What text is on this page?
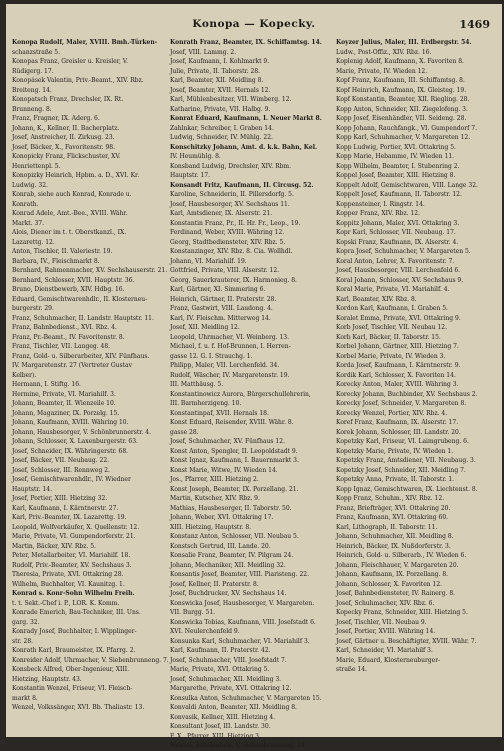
Konopa — Kopecky.	1469
Konopa Rudolf, Maler, XVIII. Bmh.-Türken-
schanzstraße 5.
Konopas Franz, Greisler u. Kreisler, V.
Rüdigerg. 17.
Konopásek Valentin, Priv.-Beamt., XIV. Rbz.
Breiteng. 14.
Konopatsch Franz, Drechsler, IX. Rt.
Brunneng. 8.
Franz, Fragner, IX. Aderg. 6.
Johann, K., Kellner, II. Bacherplatz.
Josef, Anstreicher, II. Zirkusg. 23.
Josef, Bäcker, X., Favoritenstr. 98.
Konopicky Franz, Flickschuster, XV.
Henriettenpl. 5.
Konopizky Heinrich, Hpbm. a. D., XVI. Kr.
Ludwig. 32.
Konrab, siehe auch Konrad, Konrade u.
Konrath.
Konrad Adele, Amt.-Bee., XVIII. Währ.
Markt. 37.
Alois, Diener im t. t. Oberstkanzl., IX.
Lazarettg. 12.
Anton, Tischler, II. Valeriestr. 19.
Barbara, IV., Fleischmarkt 8.
Bernhard, Rahmenmacher, XV. Sechshauserstr. 21.
Bernhard, Schlosser, XVII. Hauptstr. 36.
Bruno, Dienstbewerb, XIV. Hdbg. 16.
Eduard, Gemischtwarenhdlr., II. Klosterneu-
burgerstr. 29.
Franz, Schuhmacher, II. Landstr. Hauptstr. 11.
Franz, Bahnbedienst., XVI. Rbz. 4.
Franz, Pr.-Beamt., IV. Favoritenstr. 8.
Franz, Tischler, VII. Langeg. 48.
Franz, Gold- u. Silberarbeiter, XIV. Fünfhaus.
IV. Margaretenstr. 27 (Vertreter Gustav
Kelber).
Hermann, I. Stiftg. 16.
Hermine, Private, VI. Mariahilf. 3.
Johann, Beamter, II. Wienzeile 10.
Johann, Magaziner, IX. Porzelg. 15.
Johann, Kaufmann, XVIII. Währing 10.
Johann, Hausbesorger, V. Schönbrunnerstr. 4.
Johann, Schlosser, X. Laxenburgerstr. 63.
Josef, Schneider, IX. Währingerstr. 68.
Josef, Bäcker, VII. Neubaug. 22.
Josef, Schlosser, III. Rennweg 2.
Josef, Gemischtwarenhdlr., IV. Wiedner
Hauptstr. 14.
Josef, Portier, XIII. Hietzing 32.
Karl, Kaufmann, I. Kärntnerstr. 27.
Karl, Priv.-Beamter, IX. Lazarettg. 19.
Leopold, Wolfverkäufer, X. Quellenstr. 12.
Marie, Private, VI. Gumpendorferstr. 21.
Martin, Bäcker, XIV. Rbz. 5.
Peter, Metallarbeiter, VI. Mariahilf. 18.
Rudolf, Priv.-Beamter, XV. Sechshaus 3.
Theresia, Private, XVI. Ottakring 28.
Wilhelm, Buchhalter, VI. Kaunitzg. 1.
Konrad s. Konr-Sohn Wilhelm Freih.
t. t. Sekt.-Chef i. P., LOR. K. Komm.
Konrade Emerich, Bau-Techniker, III. Uns.
garg. 32.
Konrady Josef, Buchhalter, I. Wipplinger-
str. 28.
Konrath Karl, Braumeister, IX. Pfarrg. 2.
Konreider Adolf, Uhrmacher, V. Siebenbrunneng. 7.
Konsbeck Alfred, Ober-Ingenieur, XIII.
Hietzing, Hauptstr. 43.
Konstantin Wenzel, Friseur, VI. Fleisch-
markt 8.
Wenzel, Volkssänger, XVI. Bb. Thaliastr. 13.
Konrath Franz, Beamter, IX. Schiffamtsg. 14.
Josef, VIII. Lammg. 2.
Josef, Kaufmann, I. Kohlmarkt 9.
Julie, Private, II. Taborstr. 28.
Karl, Beamter, XII. Meidling 8.
Josef, Beamter, XVII. Hernals 12.
Karl, Mühlenbesitzer, VII. Wimberg. 12.
Katharine, Private, VII. Halbg. 9.
Konrat Eduard, Kaufmann, I. Neuer Markt 8.
Zahlnkar, Schreiber, I. Graben 14.
Ludwig, Schneider, IV. Mühlg. 22.
Konschitzky Johann, Amt. d. k.k. Bahn, Kel.
IV. Heumühlg. 8.
Konsband Ludwig, Drechsler, XIV. Rbm.
Hauptstr. 17.
Konsandt Fritz, Kaufmann, II. Circusg. 52.
Karoline, Schneiderin, II. Pillersdorfg. 5.
Josef, Hausbesorger, XV. Sechshaus 11.
Karl, Amtsdiener, IX. Alserstr. 21.
Konstantin Franz, Pr., II. Hr. Fr., Leop., 19.
Ferdinand, Weber, XVIII. Währing 12.
Georg, Stadtbediensteter, XIV. Rbz. 5.
Konstanzinger, XIV. Rbz. 8. Cia. Wollhdl.
Johann, VI. Mariahilf. 19.
Gottfried, Private, VIII. Alserstr. 12.
Georg, Sauerkrauterer, IX. Harmonieg. 8.
Karl, Gärtner, XI. Simmering 6.
Heinrich, Gärtner, II. Praterstr. 28.
Franz, Gastwirt, VIII. Laudong. 4.
Karl, IV. Fleischm. Mitterweg 14.
Josef, XII. Meidling 12.
Leopold, Uhrmacher, VI. Weinberg. 13.
Michael, f. u. f. Hof-Brunnen, I. Herren-
gasse 12. G. I. Strauchg. 1.
Philipp, Maler, VII. Lerchenfeld. 34.
Rudolf, Wäscher, IV. Margaretenstr. 19.
III. Matthäusg. 5.
Konstantinowicz Aurora, Bürgerschullehrerin,
III. Barmherzigeng. 10.
Konstantinpaf, XVII. Hernals 18.
Konst Eduard, Reisender, XVIII. Währ. 8.
gasse 28.
Josef, Schuhmacher, XV. Fünfhaus 12.
Konst Anton, Spengler, II. Leopoldstadt 9.
Konst Ignaz, Kaufmann, I. Bauernmarkt 3.
Konst Marie, Witwe, IV. Wieden 14.
Jos., Pfarrer, XIII. Hietzing 2.
Konst Joseph, Beamter, IX. Porzellang. 21.
Martin, Kutscher, XIV. Rbz. 9.
Mathias, Hausbesorger, II. Taborstr. 50.
Johann, Weber, XVI. Ottakring 17.
XIII. Hietzing, Hauptstr. 8.
Konstanz Anton, Schlosser, VII. Neubau 5.
Konstsch Gertrud, III. Lande. 20.
Konsalie Franz, Beamter, IV. Pilgram 24.
Johann, Mechaniker, XII. Meidling 32.
Konsantis Josef, Beamter, VIII. Piaristeng. 22.
Josef, Kellner, II. Praterstr. 8.
Josef, Buchdrucker, XV. Sechshaus 14.
Konswicka Josef, Hausbesorger, V. Margareten.
VII. Burgg. 51.
Konswicka Tobias, Kaufmann, VIII. Josefstadt 6.
XVI. Neulerchenfeld 9.
Konsunka Karl, Schuhmacher, VI. Mariahilf 3.
Karl, Kaufmann, II. Praterstr. 42.
Josef, Schuhmacher, VIII. Josefstadt 7.
Marie, Private, XVI. Ottakring 5.
Josef, Schuhmacher, XII. Meidling 3.
Margarethe, Private, XVI. Ottakring 12.
Konsulka Anton, Schuhmacher, V. Margareten 15.
Konvaldi Anton, Beamter, XII. Meidling 8.
Konvasik, Kellner, XIII. Hietzing 4.
Konsultant Josef, III. Landstr. 30.
F. X., Pfarrer, XIII. Hietzing 3.
Wenzel, Tabakfabrik, V. Siebenbrunneng. 14.
Koyzer Julius, Maler, III. Erdbergstr. 54.
Ludw., Post-Offiz., XIV. Rbz. 16.
Koplenig Adolf, Kaufmann, X. Favoriten 8.
Marie, Private, IV. Wieden 12.
Kopf Franz, Kaufmann, III. Schiffamtsg. 8.
Kopf Heinrich, Kaufmann, IX. Gleisteg. 19.
Kopf Konstantin, Beamter, XII. Riegling. 28.
Kopp Anton, Schneider, XII. Ziegelofeng. 3.
Kopp Josef, Eisenhändler, VII. Seideng. 28.
Kopp Johann, Rauchfangk., VI. Gumpendorf 7.
Kopp Karl, Schuhmacher, V. Margareten 12.
Kopp Ludwig, Portier, XVI. Ottakring 5.
Kopp Marie, Hebamme, IV. Wieden 11.
Kopp Wilhelm, Beamter, I. Stubenring 2.
Koppel Josef, Beamter, XIII. Hietzing 8.
Koppelt Adolf, Gemischtwaren, VIII. Lange 32.
Koppelt Josef, Kaufmann, II. Taborstr. 12.
Koppensteiner, I. Ringstr. 14.
Kopper Franz, XIV. Rbz. 12.
Koppitz Johann, Maler, XVI. Ottakring 3.
Kopr Karl, Schlosser, VII. Neubaug. 17.
Kopski Franz, Kaufmann, IX. Alserstr. 4.
Kopra Josef, Schuhmacher, V. Margareten 5.
Koral Anton, Lehrer, X. Favoritenstr. 7.
Josef, Hausbesorger, VIII. Lerchenfeld 6.
Koral Johann, Schlosser, XV. Sechshaus 9.
Koral Marie, Private, VI. Mariahilf. 4.
Karl, Beamter, XIV. Rbz. 8.
Kordon Karl, Kaufmann, I. Graben 5.
Koralet Emma, Private, XVI. Ottakring 9.
Korb Josef, Tischler, VII. Neubau 12.
Korb Karl, Bäcker, II. Taborstr. 15.
Korbel Johann, Gärtner, XIII. Hietzing 7.
Korbel Marie, Private, IV. Wieden 3.
Korda Josef, Kaufmann, I. Kärntnerstr. 9.
Kordik Karl, Schlosser, X. Favoriten 14.
Korecky Anton, Maler, XVIII. Währing 3.
Korecky Johann, Buchbinder, XV. Sechshaus 2.
Korecky Josef, Schneider, V. Margareten 8.
Korecky Wenzel, Portier, XIV. Rbz. 4.
Koref Franz, Kaufmann, IX. Alserstr. 17.
Korek Johann, Schlosser, III. Landstr. 20.
Kopetzky Karl, Friseur, VI. Laimgrubeng. 6.
Kopetzky Marie, Private, IV. Wieden 1.
Kopetzky Franz, Amtsdiener, VII. Neubaug. 3.
Kopetzky Josef, Schneider, XII. Meidling 7.
Kopetzky Anna, Private, II. Taborstr. 1.
Kopp Ignaz, Gemischtwaren, IX. Liechtenst. 8.
Kopp Franz, Schuhm., XIV. Rbz. 12.
Franz, Briefträger, XVI. Ottakring 20.
Franz, Kaufmann, XVI. Ottakring 60.
Karl, Lithograph, II. Taborstr. 11.
Johann, Schuhmacher, XII. Meidling 8.
Heinrich, Bäcker, IX. Nußdorferstr. 3.
Heinrich, Gold- u. Silberarb., IV. Wieden 6.
Johann, Fleischhauer, V. Margareten 20.
Johann, Kaufmann, IX. Porzellang. 8.
Johann, Schlosser, X. Favoriten 12.
Josef, Bahnbediensteter, IV. Rainerg. 8.
Josef, Schuhmacher, XIV. Rbz. 6.
Kopecky Franz, Schneider, XIII. Hietzing 5.
Josef, Tischler, VII. Neubau 9.
Josef, Portier, XVIII. Währing 14.
Josef, Gärtner u. Beschäftigter, XVIII. Währ. 7.
Karl, Schneider, VI. Mariahilf 3.
Marie, Eduard, Klosterneuburger-
straße 14.
